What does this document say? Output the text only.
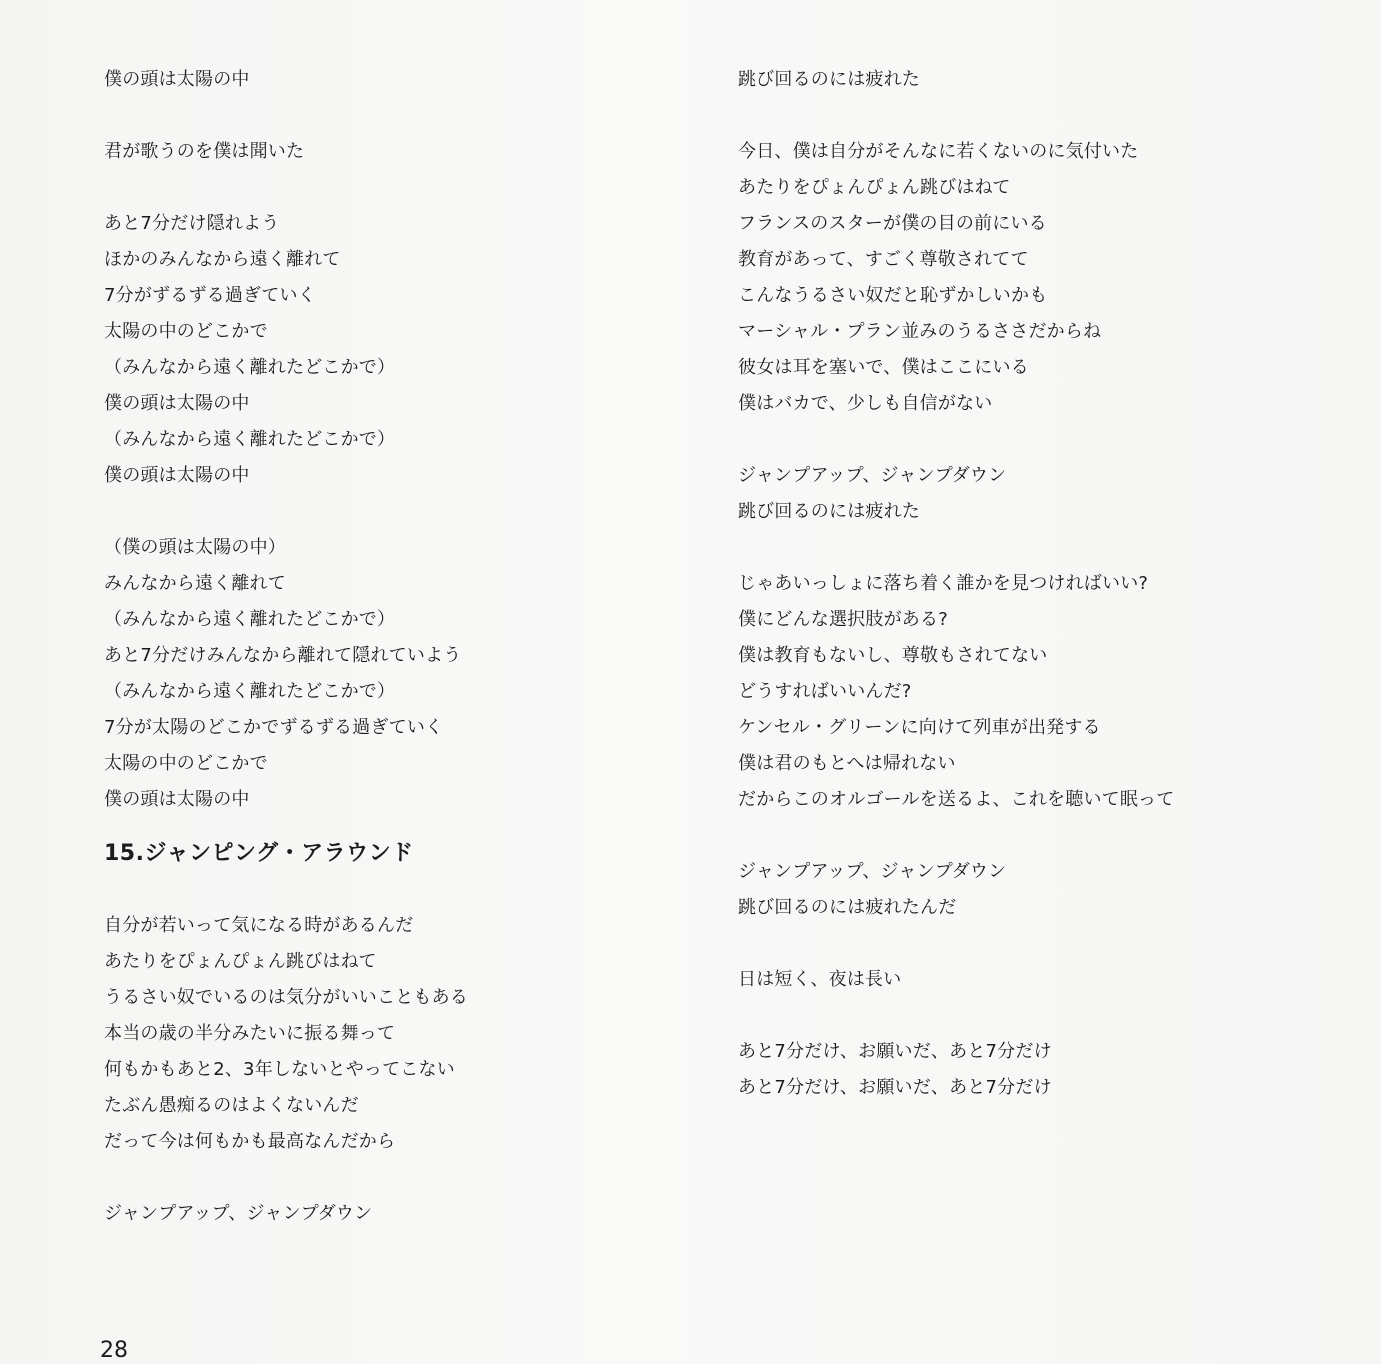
僕の頭は太陽の中
君が歌うのを僕は聞いた
あと7分だけ隠れよう
ほかのみんなから遠く離れて
7分がずるずる過ぎていく
太陽の中のどこかで
（みんなから遠く離れたどこかで）
僕の頭は太陽の中
（みんなから遠く離れたどこかで）
僕の頭は太陽の中
（僕の頭は太陽の中）
みんなから遠く離れて
（みんなから遠く離れたどこかで）
あと7分だけみんなから離れて隠れていよう
（みんなから遠く離れたどこかで）
7分が太陽のどこかでずるずる過ぎていく
太陽の中のどこかで
僕の頭は太陽の中
15.ジャンピング・アラウンド
自分が若いって気になる時があるんだ
あたりをぴょんぴょん跳びはねて
うるさい奴でいるのは気分がいいこともある
本当の歳の半分みたいに振る舞って
何もかもあと2、3年しないとやってこない
たぶん愚痴るのはよくないんだ
だって今は何もかも最高なんだから
ジャンプアップ、ジャンプダウン
跳び回るのには疲れた
今日、僕は自分がそんなに若くないのに気付いた
あたりをぴょんぴょん跳びはねて
フランスのスターが僕の目の前にいる
教育があって、すごく尊敬されてて
こんなうるさい奴だと恥ずかしいかも
マーシャル・プラン並みのうるささだからね
彼女は耳を塞いで、僕はここにいる
僕はバカで、少しも自信がない
ジャンプアップ、ジャンプダウン
跳び回るのには疲れた
じゃあいっしょに落ち着く誰かを見つければいい?
僕にどんな選択肢がある?
僕は教育もないし、尊敬もされてない
どうすればいいんだ?
ケンセル・グリーンに向けて列車が出発する
僕は君のもとへは帰れない
だからこのオルゴールを送るよ、これを聴いて眠って
ジャンプアップ、ジャンプダウン
跳び回るのには疲れたんだ
日は短く、夜は長い
あと7分だけ、お願いだ、あと7分だけ
あと7分だけ、お願いだ、あと7分だけ
28
